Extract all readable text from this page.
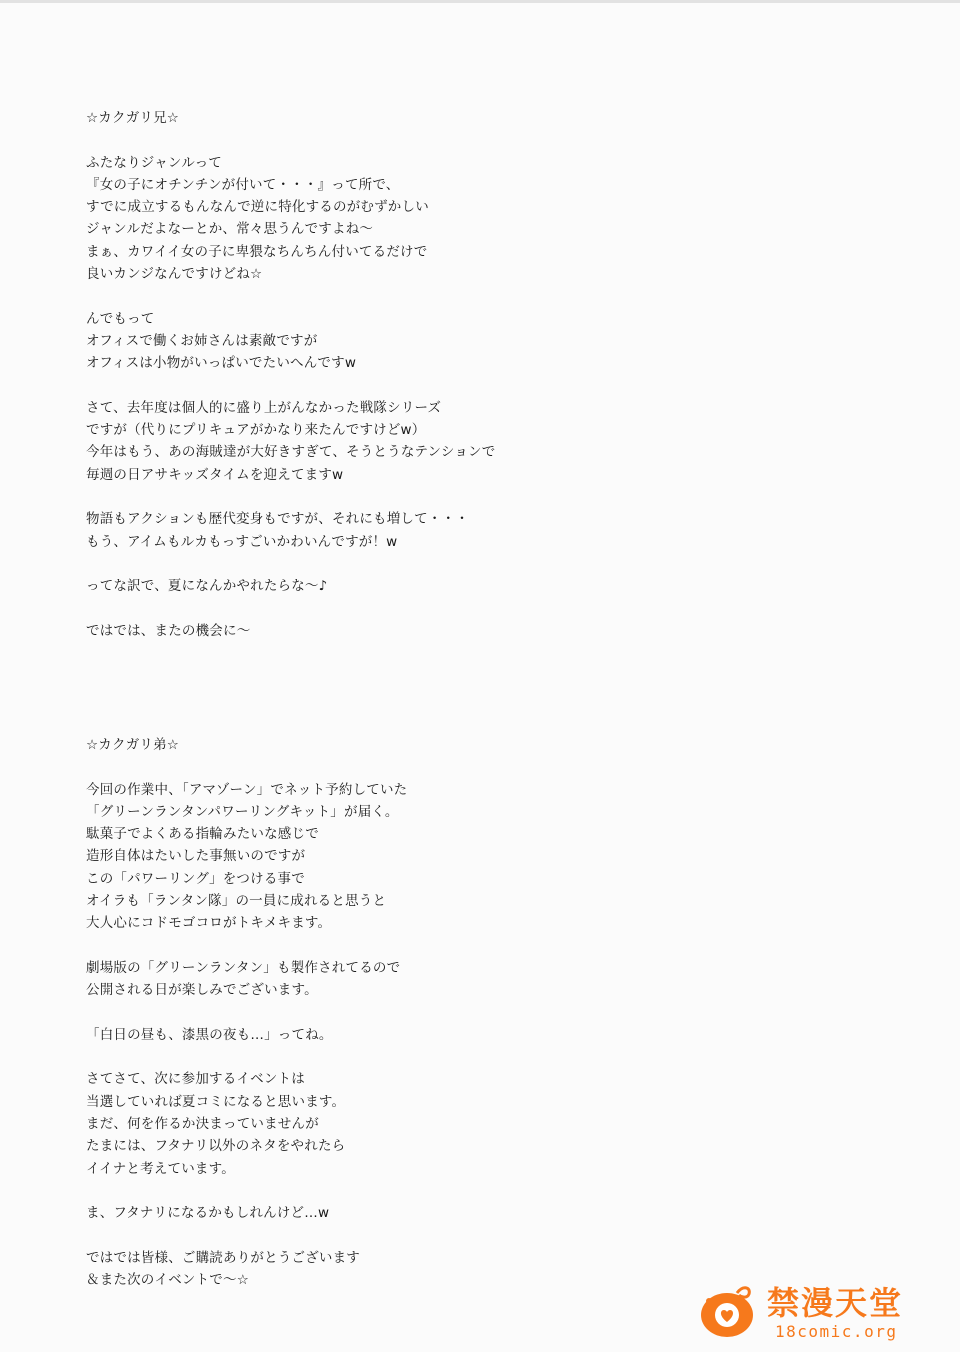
☆カクガリ兄☆
ふたなりジャンルって
『女の子にオチンチンが付いて・・・』って所で、
すでに成立するもんなんで逆に特化するのがむずかしい
ジャンルだよなーとか、常々思うんですよね～
まぁ、カワイイ女の子に卑猥なちんちん付いてるだけで
良いカンジなんですけどね☆
んでもって
オフィスで働くお姉さんは素敵ですが
オフィスは小物がいっぱいでたいへんですw
さて、去年度は個人的に盛り上がんなかった戦隊シリーズ
ですが（代りにプリキュアがかなり来たんですけどw）
今年はもう、あの海賊達が大好きすぎて、そうとうなテンションで
毎週の日アサキッズタイムを迎えてますw
物語もアクションも歴代変身もですが、それにも増して・・・
もう、アイムもルカもっすごいかわいんですが！w
ってな訳で、夏になんかやれたらな～♪
ではでは、またの機会に～
☆カクガリ弟☆
今回の作業中、「アマゾーン」でネット予約していた
「グリーンランタンパワーリングキット」が届く。
駄菓子でよくある指輪みたいな感じで
造形自体はたいした事無いのですが
この「パワーリング」をつける事で
オイラも「ランタン隊」の一員に成れると思うと
大人心にコドモゴコロがトキメキます。
劇場版の「グリーンランタン」も製作されてるので
公開される日が楽しみでございます。
「白日の昼も、漆黒の夜も…」ってね。
さてさて、次に参加するイベントは
当選していれば夏コミになると思います。
まだ、何を作るか決まっていませんが
たまには、フタナリ以外のネタをやれたら
イイナと考えています。
ま、フタナリになるかもしれんけど…w
ではでは皆様、ご購読ありがとうございます
＆また次のイベントで～☆
禁漫天堂
18comic.org
